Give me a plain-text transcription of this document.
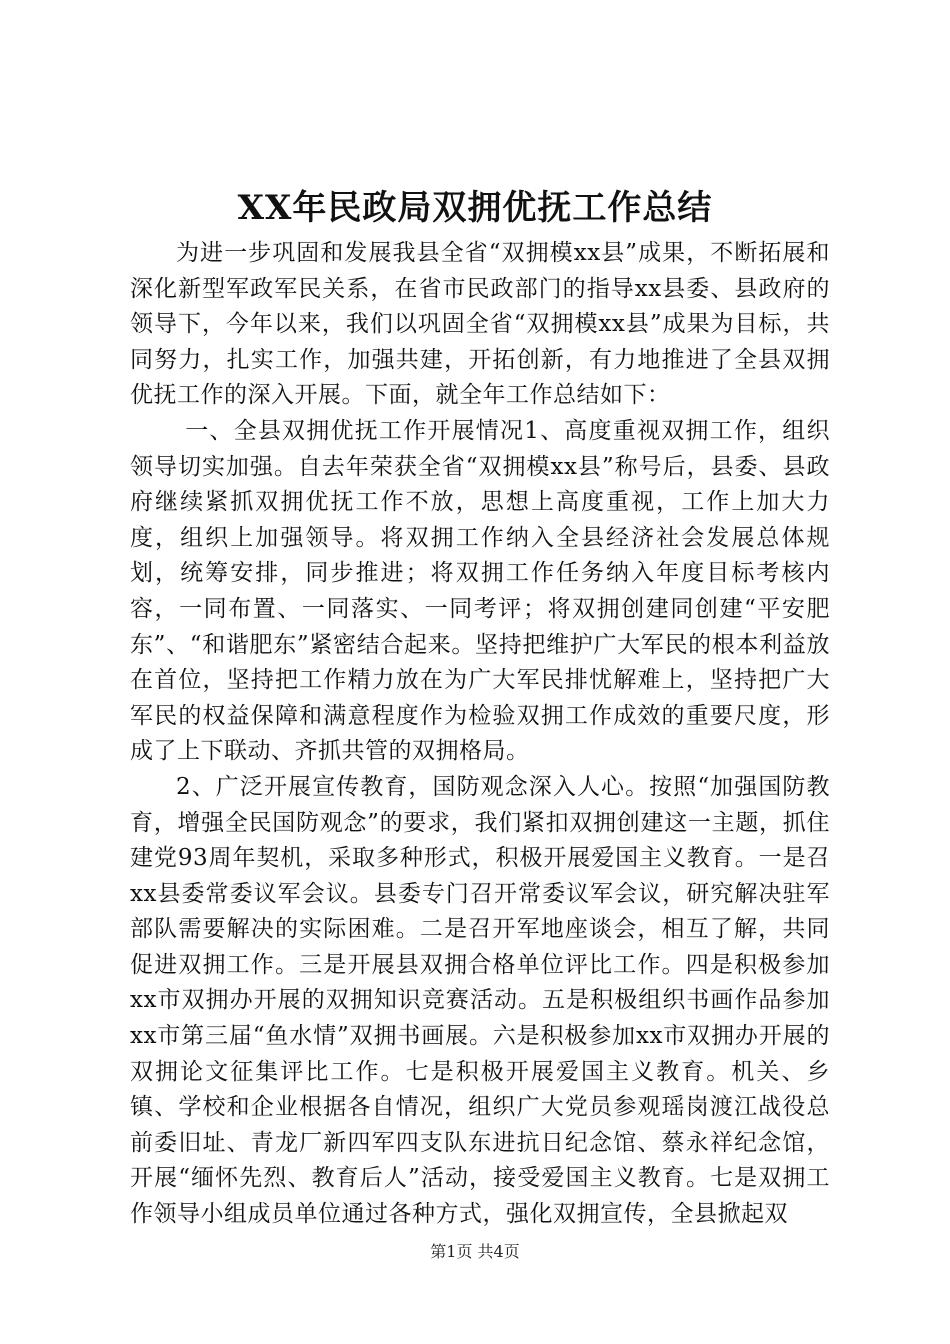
XX年民政局双拥优抚工作总结

为进一步巩固和发展我县全省“双拥模xx县”成果，不断拓展和深化新型军政军民关系，在省市民政部门的指导xx县委、县政府的领导下，今年以来，我们以巩固全省“双拥模xx县”成果为目标，共同努力，扎实工作，加强共建，开拓创新，有力地推进了全县双拥优抚工作的深入开展。下面，就全年工作总结如下：

一、全县双拥优抚工作开展情况1、高度重视双拥工作，组织领导切实加强。自去年荣获全省“双拥模xx县”称号后，县委、县政府继续紧抓双拥优抚工作不放，思想上高度重视，工作上加大力度，组织上加强领导。将双拥工作纳入全县经济社会发展总体规划，统筹安排，同步推进；将双拥工作任务纳入年度目标考核内容，一同布置、一同落实、一同考评；将双拥创建同创建“平安肥东”、“和谐肥东”紧密结合起来。坚持把维护广大军民的根本利益放在首位，坚持把工作精力放在为广大军民排忧解难上，坚持把广大军民的权益保障和满意程度作为检验双拥工作成效的重要尺度，形成了上下联动、齐抓共管的双拥格局。

2、广泛开展宣传教育，国防观念深入人心。按照“加强国防教育，增强全民国防观念”的要求，我们紧扣双拥创建这一主题，抓住建党93周年契机，采取多种形式，积极开展爱国主义教育。一是召xx县委常委议军会议。县委专门召开常委议军会议，研究解决驻军部队需要解决的实际困难。二是召开军地座谈会，相互了解，共同促进双拥工作。三是开展县双拥合格单位评比工作。四是积极参加xx市双拥办开展的双拥知识竞赛活动。五是积极组织书画作品参加xx市第三届“鱼水情”双拥书画展。六是积极参加xx市双拥办开展的双拥论文征集评比工作。七是积极开展爱国主义教育。机关、乡镇、学校和企业根据各自情况，组织广大党员参观瑶岗渡江战役总前委旧址、青龙厂新四军四支队东进抗日纪念馆、蔡永祥纪念馆，开展“缅怀先烈、教育后人”活动，接受爱国主义教育。七是双拥工作领导小组成员单位通过各种方式，强化双拥宣传，全县掀起双

第1页 共4页
